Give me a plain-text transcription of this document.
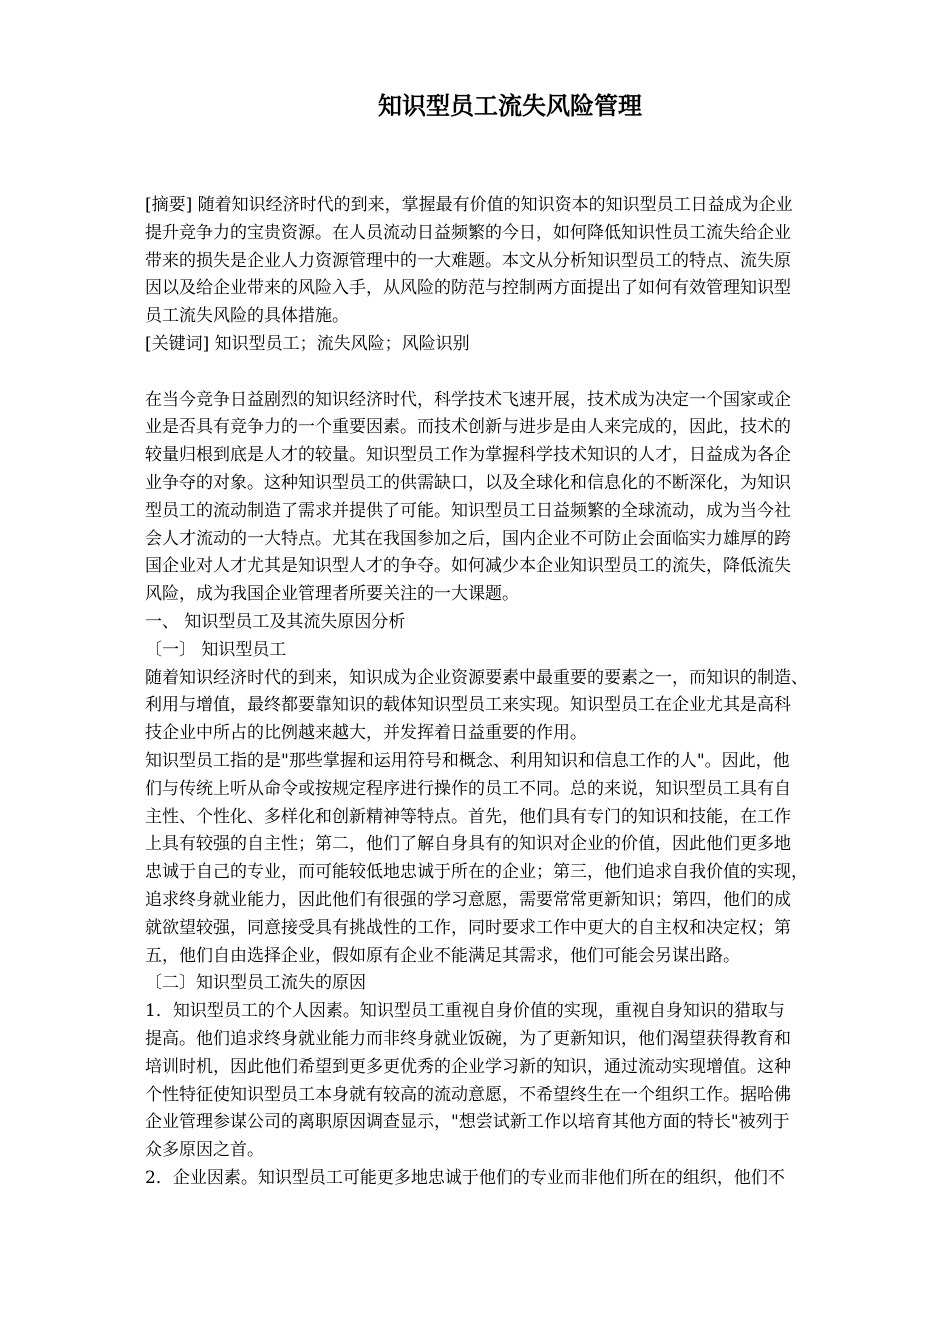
知识型员工流失风险管理
[摘要] 随着知识经济时代的到来，掌握最有价值的知识资本的知识型员工日益成为企业
提升竞争力的宝贵资源。在人员流动日益频繁的今日，如何降低知识性员工流失给企业
带来的损失是企业人力资源管理中的一大难题。本文从分析知识型员工的特点、流失原
因以及给企业带来的风险入手，从风险的防范与控制两方面提出了如何有效管理知识型
员工流失风险的具体措施。
[关键词] 知识型员工；流失风险；风险识别
在当今竞争日益剧烈的知识经济时代，科学技术飞速开展，技术成为决定一个国家或企
业是否具有竞争力的一个重要因素。而技术创新与进步是由人来完成的，因此，技术的
较量归根到底是人才的较量。知识型员工作为掌握科学技术知识的人才，日益成为各企
业争夺的对象。这种知识型员工的供需缺口，以及全球化和信息化的不断深化，为知识
型员工的流动制造了需求并提供了可能。知识型员工日益频繁的全球流动，成为当今社
会人才流动的一大特点。尤其在我国参加之后，国内企业不可防止会面临实力雄厚的跨
国企业对人才尤其是知识型人才的争夺。如何减少本企业知识型员工的流失，降低流失
风险，成为我国企业管理者所要关注的一大课题。
一、 知识型员工及其流失原因分析
〔一〕 知识型员工
随着知识经济时代的到来，知识成为企业资源要素中最重要的要素之一，而知识的制造、
利用与增值，最终都要靠知识的载体知识型员工来实现。知识型员工在企业尤其是高科
技企业中所占的比例越来越大，并发挥着日益重要的作用。
知识型员工指的是"那些掌握和运用符号和概念、利用知识和信息工作的人"。因此，他
们与传统上听从命令或按规定程序进行操作的员工不同。总的来说，知识型员工具有自
主性、个性化、多样化和创新精神等特点。首先，他们具有专门的知识和技能，在工作
上具有较强的自主性；第二，他们了解自身具有的知识对企业的价值，因此他们更多地
忠诚于自己的专业，而可能较低地忠诚于所在的企业；第三，他们追求自我价值的实现，
追求终身就业能力，因此他们有很强的学习意愿，需要常常更新知识；第四，他们的成
就欲望较强，同意接受具有挑战性的工作，同时要求工作中更大的自主权和决定权；第
五，他们自由选择企业，假如原有企业不能满足其需求，他们可能会另谋出路。
〔二〕知识型员工流失的原因
1．知识型员工的个人因素。知识型员工重视自身价值的实现，重视自身知识的猎取与
提高。他们追求终身就业能力而非终身就业饭碗，为了更新知识，他们渴望获得教育和
培训时机，因此他们希望到更多更优秀的企业学习新的知识，通过流动实现增值。这种
个性特征使知识型员工本身就有较高的流动意愿，不希望终生在一个组织工作。据哈佛
企业管理参谋公司的离职原因调查显示，"想尝试新工作以培育其他方面的特长"被列于
众多原因之首。
2．企业因素。知识型员工可能更多地忠诚于他们的专业而非他们所在的组织，他们不
